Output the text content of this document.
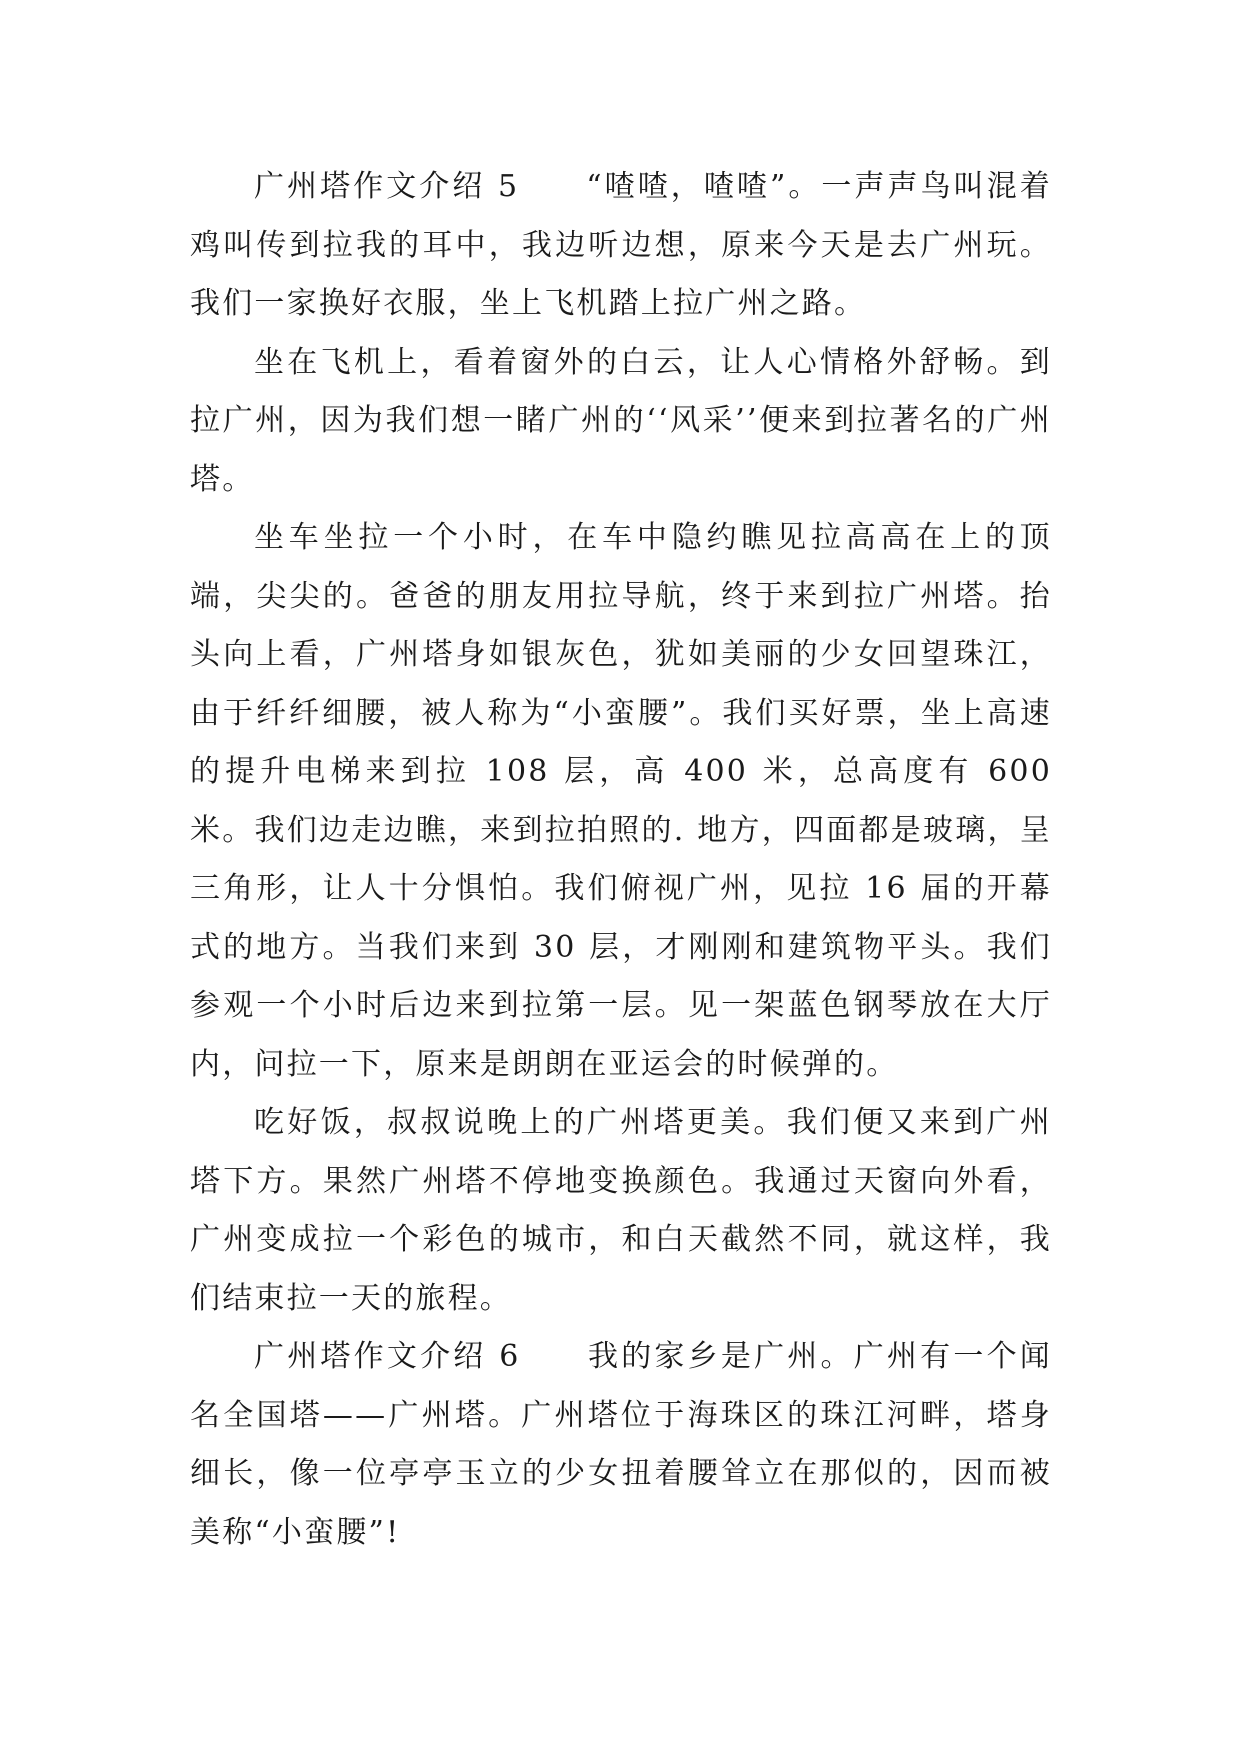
广州塔作文介绍 5　　“喳喳，喳喳”。一声声鸟叫混着鸡叫传到拉我的耳中，我边听边想，原来今天是去广州玩。我们一家换好衣服，坐上飞机踏上拉广州之路。

坐在飞机上，看着窗外的白云，让人心情格外舒畅。到拉广州，因为我们想一睹广州的‘‘风采’’便来到拉著名的广州塔。

坐车坐拉一个小时，在车中隐约瞧见拉高高在上的顶端，尖尖的。爸爸的朋友用拉导航，终于来到拉广州塔。抬头向上看，广州塔身如银灰色，犹如美丽的少女回望珠江，由于纤纤细腰，被人称为“小蛮腰”。我们买好票，坐上高速的提升电梯来到拉 108 层，高 400 米，总高度有 600 米。我们边走边瞧，来到拉拍照的. 地方，四面都是玻璃，呈三角形，让人十分惧怕。我们俯视广州，见拉 16 届的开幕式的地方。当我们来到 30 层，才刚刚和建筑物平头。我们参观一个小时后边来到拉第一层。见一架蓝色钢琴放在大厅内，问拉一下，原来是朗朗在亚运会的时候弹的。

吃好饭，叔叔说晚上的广州塔更美。我们便又来到广州塔下方。果然广州塔不停地变换颜色。我通过天窗向外看，广州变成拉一个彩色的城市，和白天截然不同，就这样，我们结束拉一天的旅程。

广州塔作文介绍 6　　我的家乡是广州。广州有一个闻名全国塔——广州塔。广州塔位于海珠区的珠江河畔，塔身细长，像一位亭亭玉立的少女扭着腰耸立在那似的，因而被美称“小蛮腰”!
